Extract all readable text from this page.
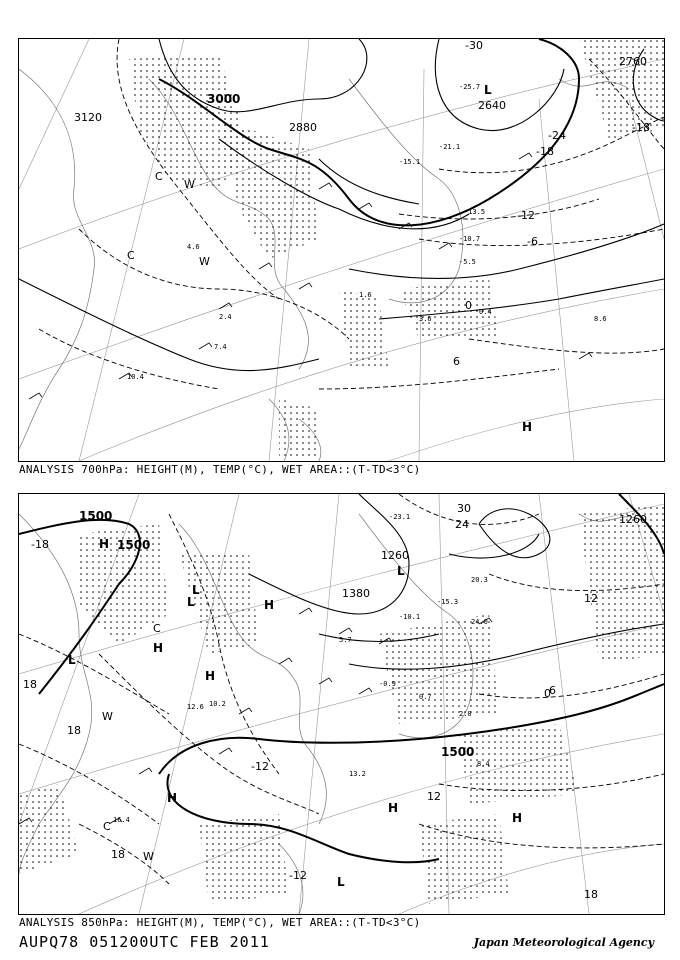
3120
3000
2880
2760
2640
-30
-24
-18
-12
-6
0
6
-18
L
H
W
C
W
C
-25.7
-21.1
-15.1
-13.5
-10.7
-5.5
0.4
8.6
3.6
1.6
4.6
2.4
7.4
10.4
ANALYSIS 700hPa: HEIGHT(M), TEMP(°C), WET AREA::(T-TD<3°C)
1500
1500
1380
1260
1260
1500
30
24
-18
12
6
0
-12
18
18
18
18
12
-12
H
L
L
H
H
L
W
C
H
H
H
H
L
C
W
L
-23.1
-15.3
-10.1
-0.9
0.7
2.0
5.7
10.2
12.6
20.3
24.0
8.4
13.2
16.4
ANALYSIS 850hPa: HEIGHT(M), TEMP(°C), WET AREA::(T-TD<3°C)
AUPQ78 051200UTC FEB 2011	Japan Meteorological Agency
